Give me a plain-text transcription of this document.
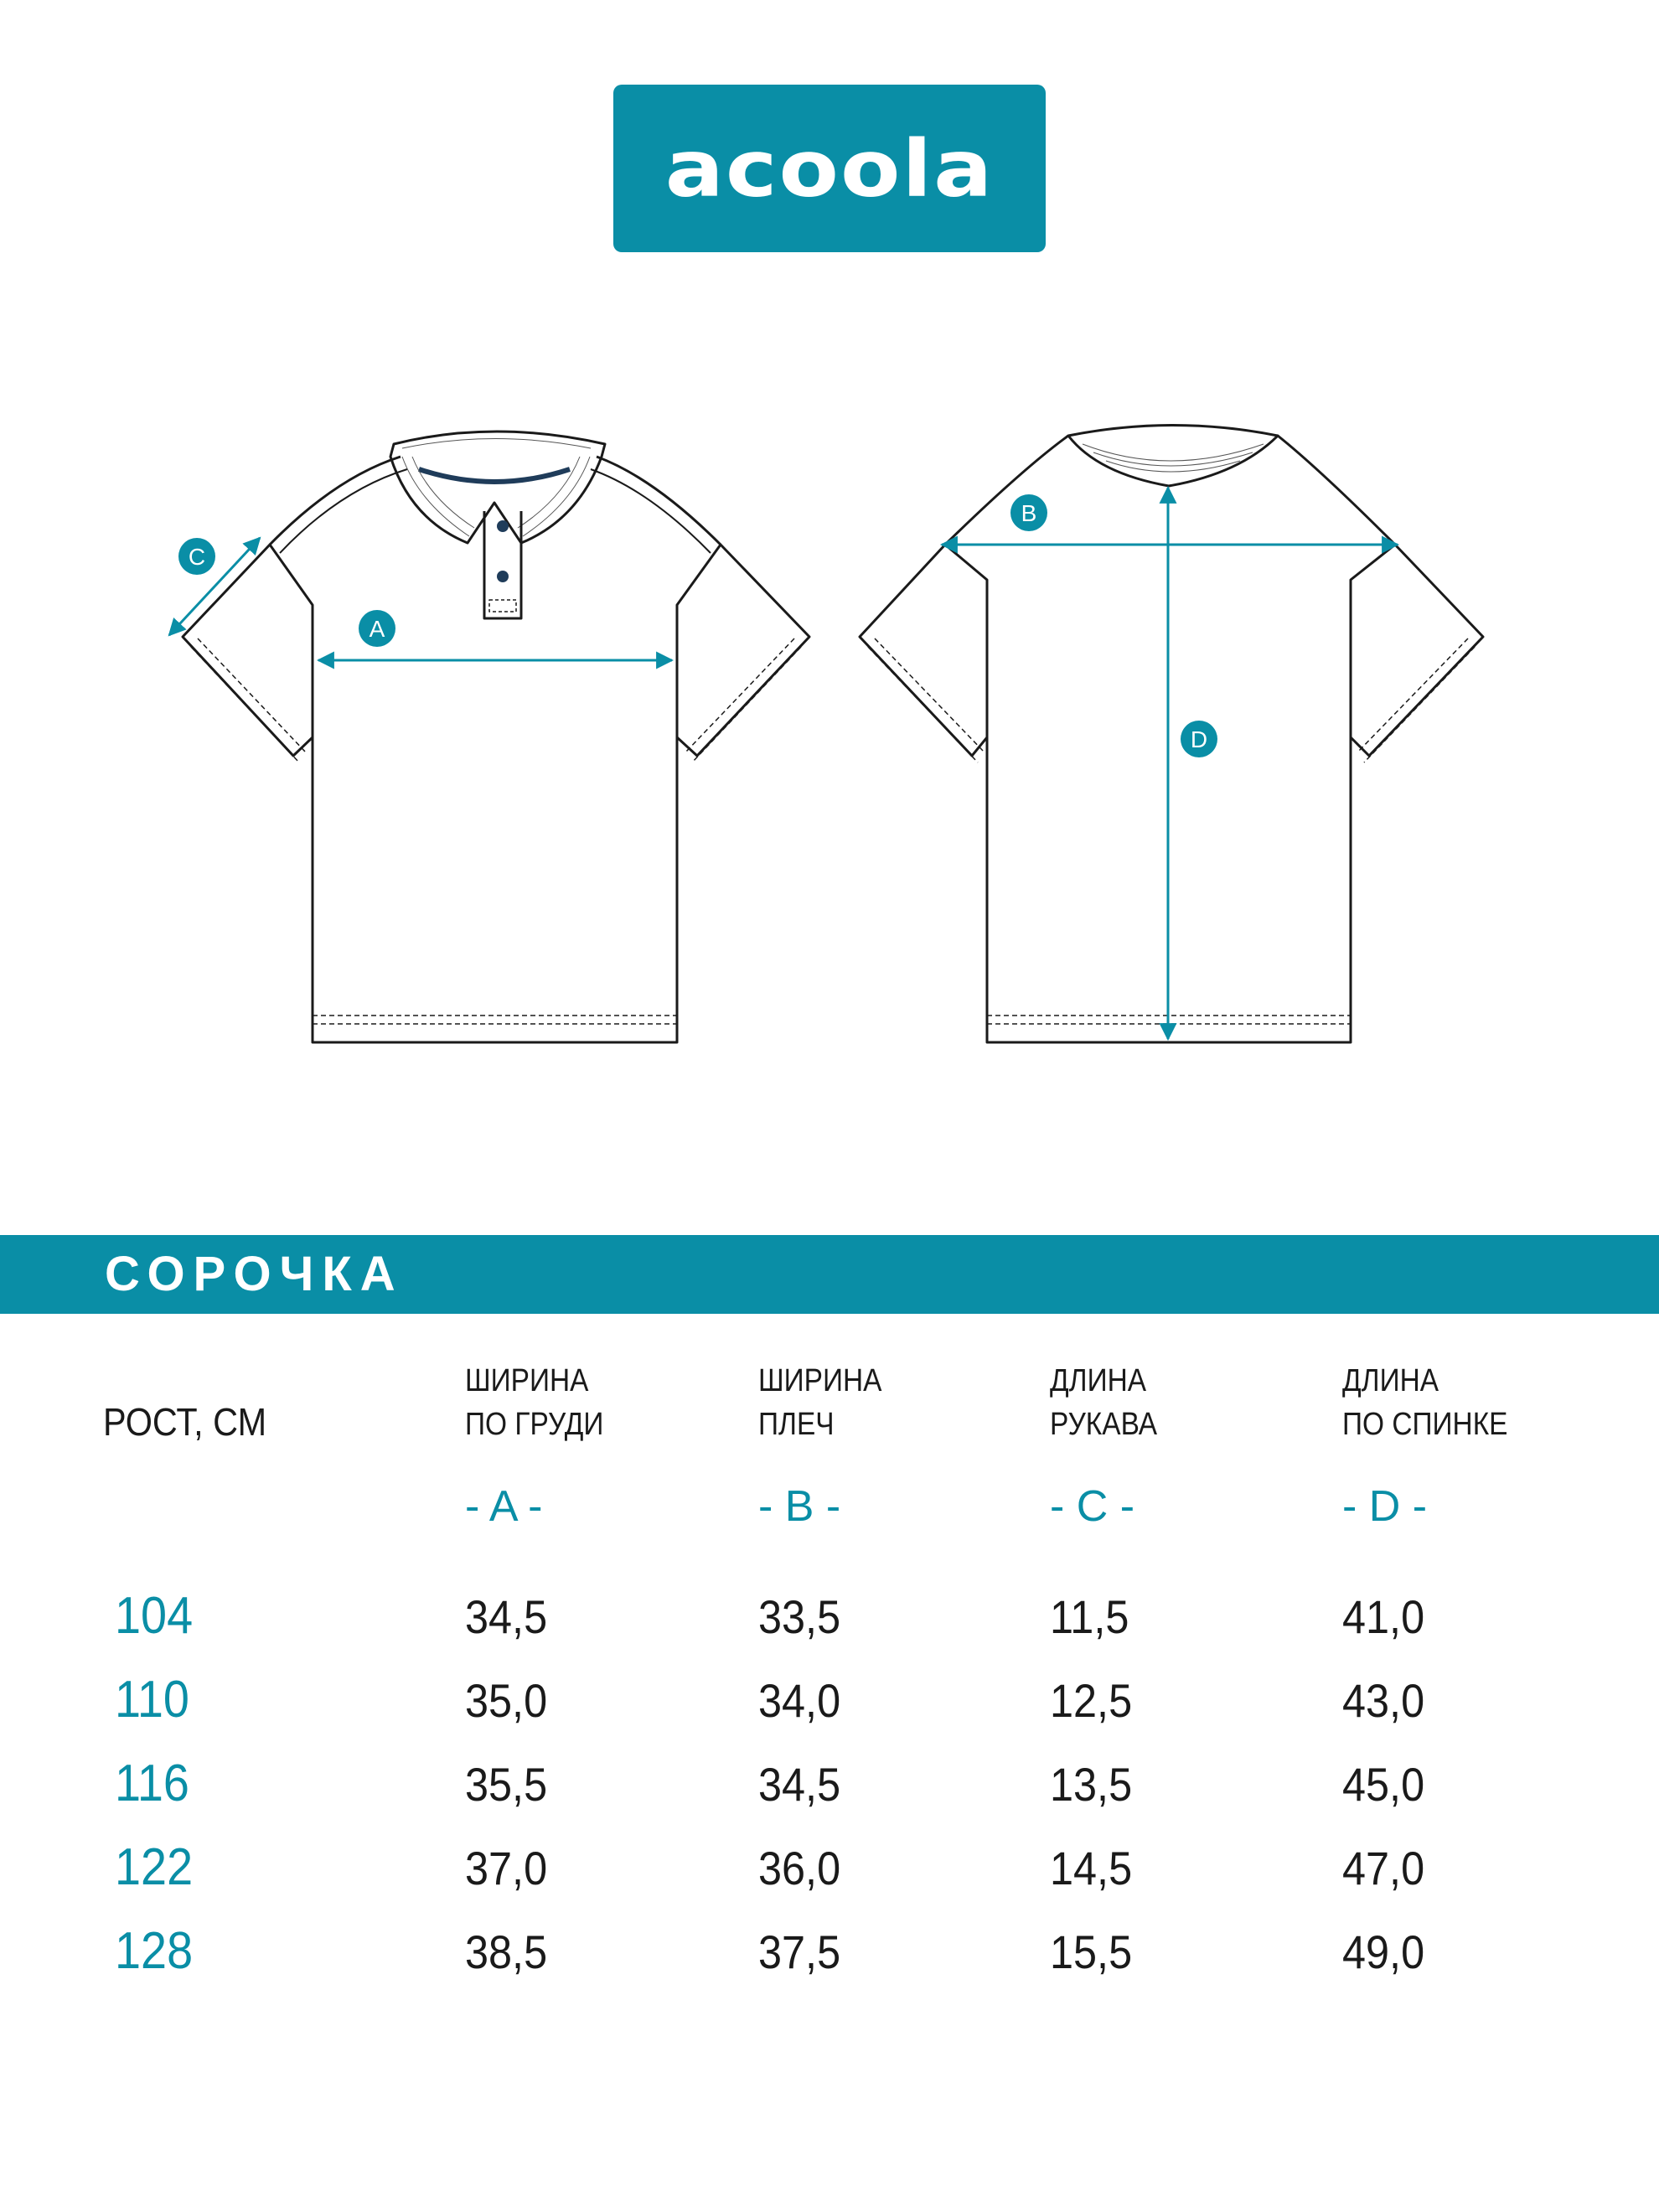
acoola
A
B
C
D
СОРОЧКА
РОСТ, СМ
ШИРИНА
ПО ГРУДИ
ШИРИНА
ПЛЕЧ
ДЛИНА
РУКАВА
ДЛИНА
ПО СПИНКЕ
- A -	- B -	- C -	- D -
104	34,5	33,5	11,5	41,0
110	35,0	34,0	12,5	43,0
116	35,5	34,5	13,5	45,0
122	37,0	36,0	14,5	47,0
128	38,5	37,5	15,5	49,0
